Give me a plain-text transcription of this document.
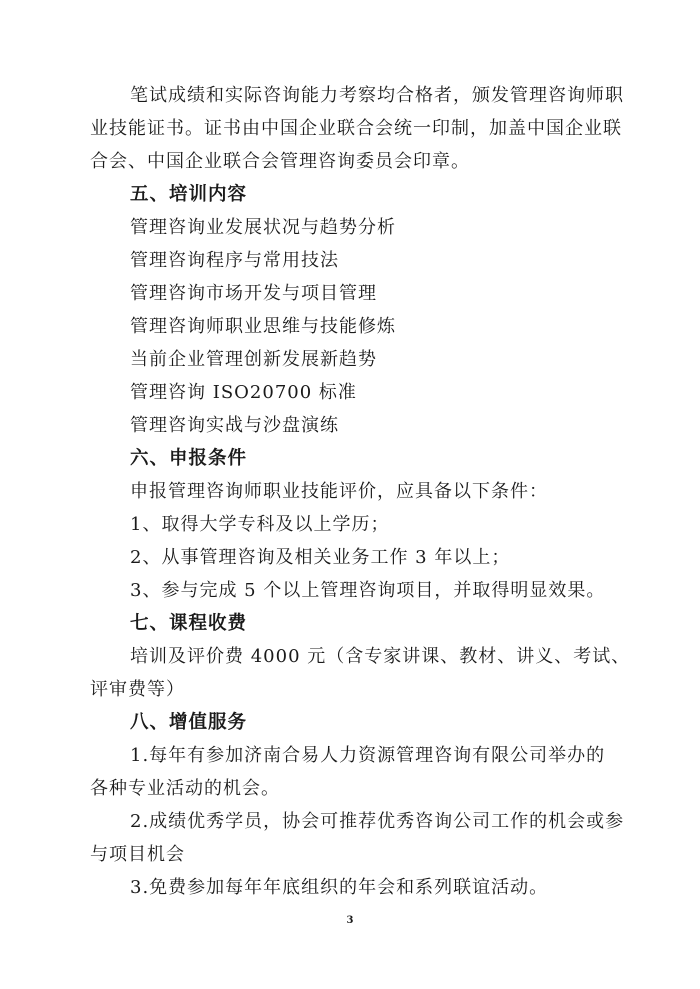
笔试成绩和实际咨询能力考察均合格者，颁发管理咨询师职
业技能证书。证书由中国企业联合会统一印制，加盖中国企业联
合会、中国企业联合会管理咨询委员会印章。
五、培训内容
管理咨询业发展状况与趋势分析
管理咨询程序与常用技法
管理咨询市场开发与项目管理
管理咨询师职业思维与技能修炼
当前企业管理创新发展新趋势
管理咨询 ISO20700 标准
管理咨询实战与沙盘演练
六、申报条件
申报管理咨询师职业技能评价，应具备以下条件：
1、取得大学专科及以上学历；
2、从事管理咨询及相关业务工作 3 年以上；
3、参与完成 5 个以上管理咨询项目，并取得明显效果。
七、课程收费
培训及评价费 4000 元（含专家讲课、教材、讲义、考试、
评审费等）
八、增值服务
1.每年有参加济南合易人力资源管理咨询有限公司举办的
各种专业活动的机会。
2.成绩优秀学员，协会可推荐优秀咨询公司工作的机会或参
与项目机会
3.免费参加每年年底组织的年会和系列联谊活动。
3
